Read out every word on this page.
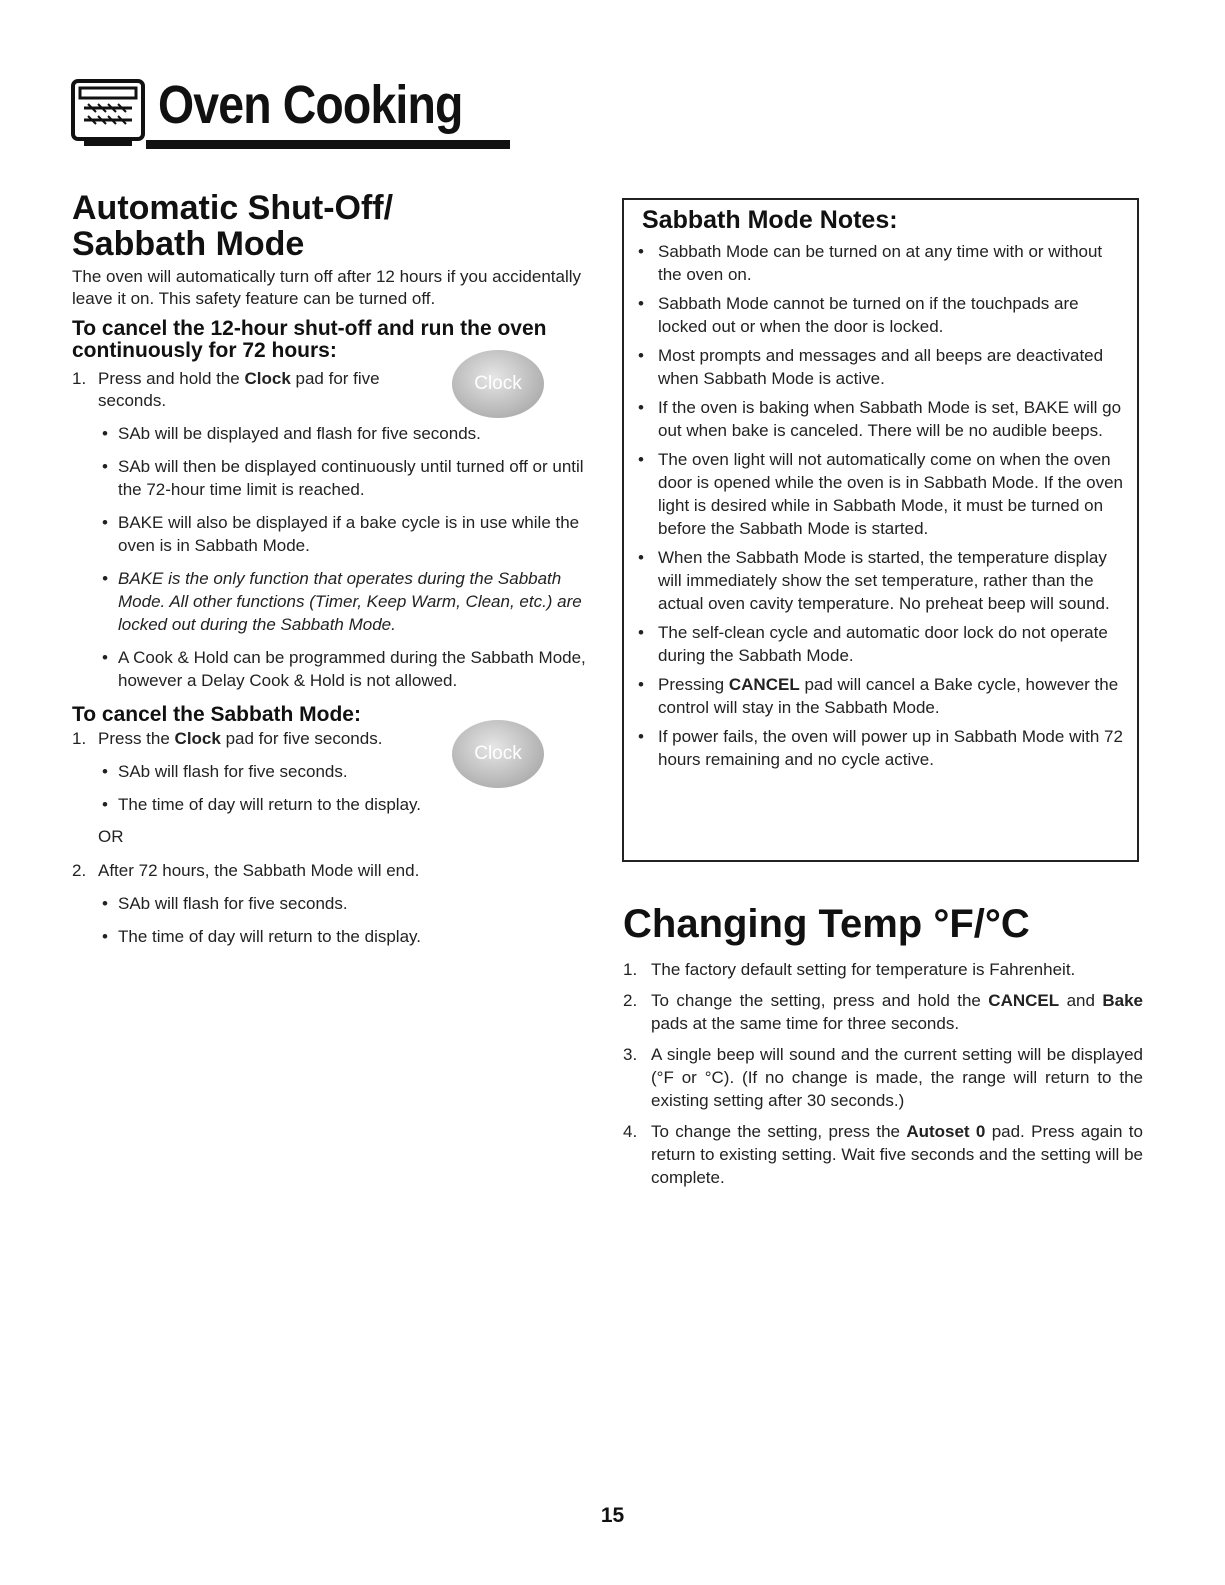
Oven Cooking
Automatic Shut-Off/
Sabbath Mode

The oven will automatically turn off after 12 hours if you accidentally leave it on. This safety feature can be turned off.

To cancel the 12-hour shut-off and run the oven continuously for 72 hours:
1. Press and hold the Clock pad for five seconds.
• SAb will be displayed and flash for five seconds.
• SAb will then be displayed continuously until turned off or until the 72-hour time limit is reached.
• BAKE will also be displayed if a bake cycle is in use while the oven is in Sabbath Mode.
• BAKE is the only function that operates during the Sabbath Mode. All other functions (Timer, Keep Warm, Clean, etc.) are locked out during the Sabbath Mode.
• A Cook & Hold can be programmed during the Sabbath Mode, however a Delay Cook & Hold is not allowed.
To cancel the Sabbath Mode:
1. Press the Clock pad for five seconds.
• SAb will flash for five seconds.
• The time of day will return to the display.
OR
2. After 72 hours, the Sabbath Mode will end.
• SAb will flash for five seconds.
• The time of day will return to the display.
Clock
Clock
Sabbath Mode Notes:
• Sabbath Mode can be turned on at any time with or without the oven on.
• Sabbath Mode cannot be turned on if the touchpads are locked out or when the door is locked.
• Most prompts and messages and all beeps are deactivated when Sabbath Mode is active.
• If the oven is baking when Sabbath Mode is set, BAKE will go out when bake is canceled. There will be no audible beeps.
• The oven light will not automatically come on when the oven door is opened while the oven is in Sabbath Mode. If the oven light is desired while in Sabbath Mode, it must be turned on before the Sabbath Mode is started.
• When the Sabbath Mode is started, the temperature display will immediately show the set temperature, rather than the actual oven cavity temperature. No preheat beep will sound.
• The self-clean cycle and automatic door lock do not operate during the Sabbath Mode.
• Pressing CANCEL pad will cancel a Bake cycle, however the control will stay in the Sabbath Mode.
• If power fails, the oven will power up in Sabbath Mode with 72 hours remaining and no cycle active.
Changing Temp °F/°C
1. The factory default setting for temperature is Fahrenheit.
2. To change the setting, press and hold the CANCEL and Bake pads at the same time for three seconds.
3. A single beep will sound and the current setting will be displayed (°F or °C). (If no change is made, the range will return to the existing setting after 30 seconds.)
4. To change the setting, press the Autoset 0 pad. Press again to return to existing setting. Wait five seconds and the setting will be complete.
15
